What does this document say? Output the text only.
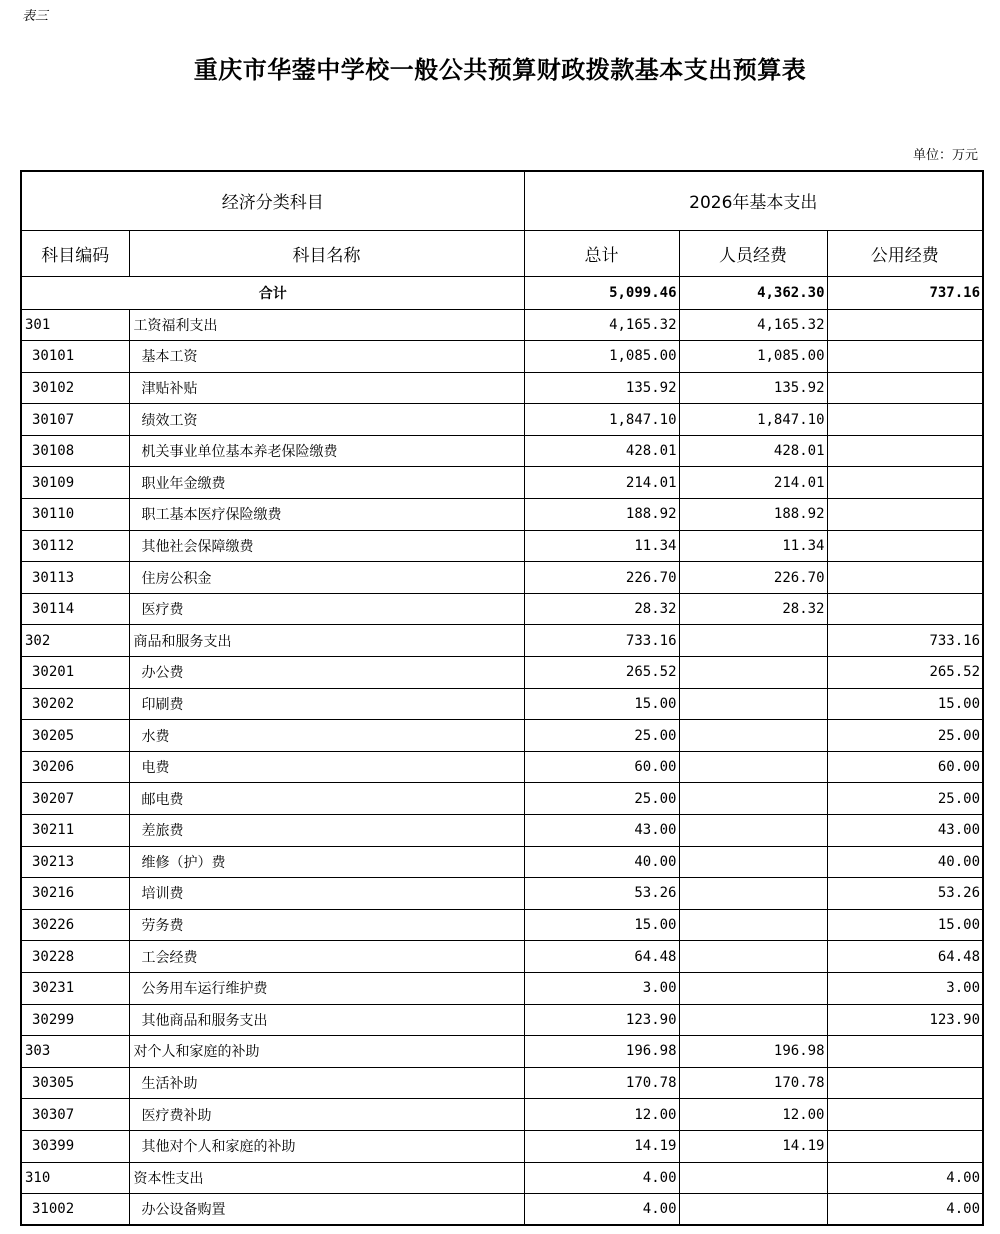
表三
重庆市华蓥中学校一般公共预算财政拨款基本支出预算表
单位：万元
经济分类科目		2026年基本支出		
科目编码	科目名称	总计	人员经费	公用经费
合计		5,099.46	4,362.30	737.16
301	工资福利支出	4,165.32	4,165.32	
30101	基本工资	1,085.00	1,085.00	
30102	津贴补贴	135.92	135.92	
30107	绩效工资	1,847.10	1,847.10	
30108	机关事业单位基本养老保险缴费	428.01	428.01	
30109	职业年金缴费	214.01	214.01	
30110	职工基本医疗保险缴费	188.92	188.92	
30112	其他社会保障缴费	11.34	11.34	
30113	住房公积金	226.70	226.70	
30114	医疗费	28.32	28.32	
302	商品和服务支出	733.16		733.16
30201	办公费	265.52		265.52
30202	印刷费	15.00		15.00
30205	水费	25.00		25.00
30206	电费	60.00		60.00
30207	邮电费	25.00		25.00
30211	差旅费	43.00		43.00
30213	维修（护）费	40.00		40.00
30216	培训费	53.26		53.26
30226	劳务费	15.00		15.00
30228	工会经费	64.48		64.48
30231	公务用车运行维护费	3.00		3.00
30299	其他商品和服务支出	123.90		123.90
303	对个人和家庭的补助	196.98	196.98	
30305	生活补助	170.78	170.78	
30307	医疗费补助	12.00	12.00	
30399	其他对个人和家庭的补助	14.19	14.19	
310	资本性支出	4.00		4.00
31002	办公设备购置	4.00		4.00
